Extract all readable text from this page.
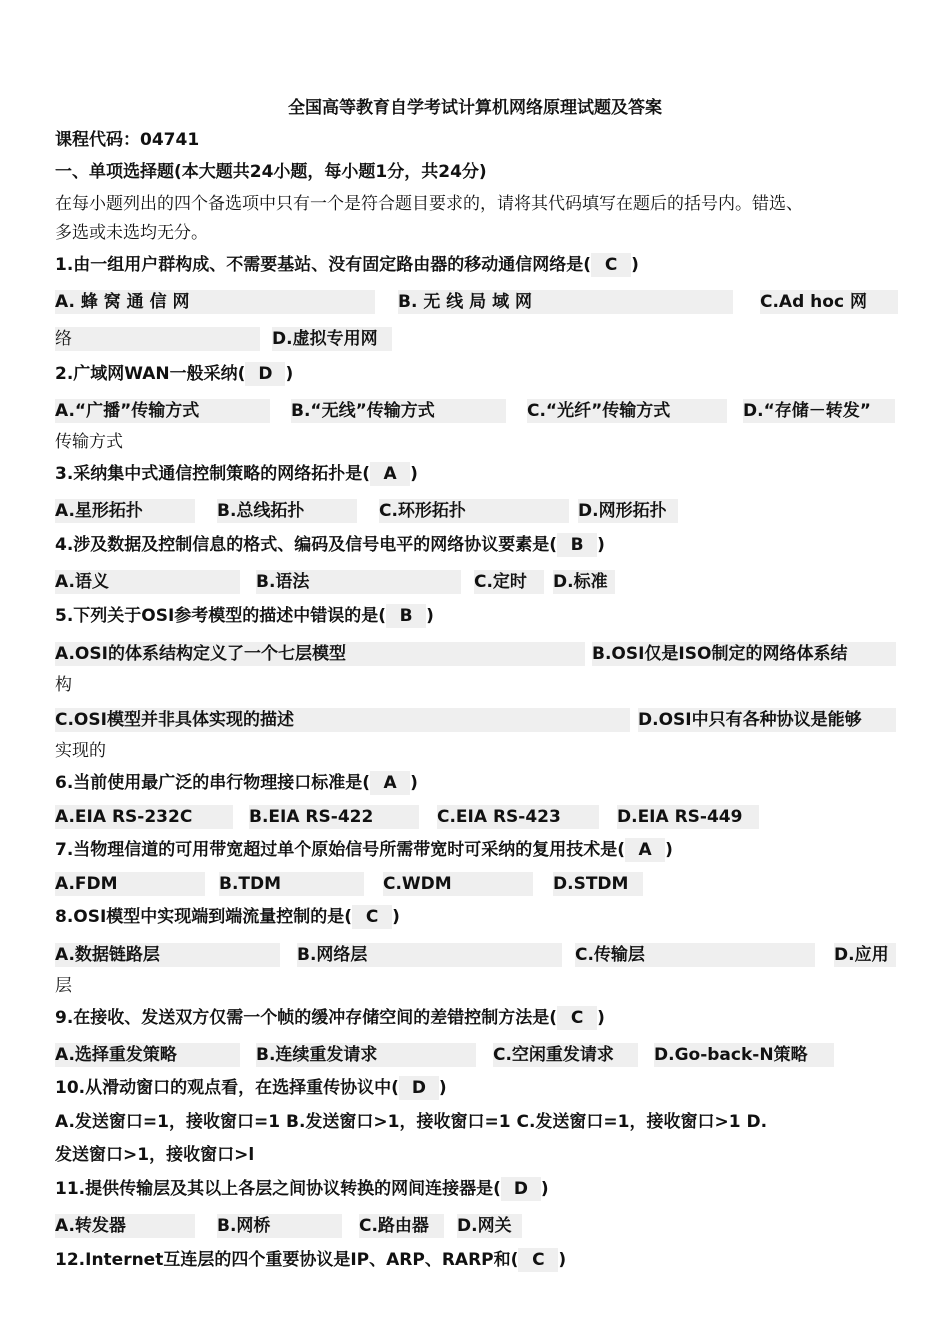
全国高等教育自学考试计算机网络原理试题及答案
课程代码：04741
一、单项选择题(本大题共24小题，每小题1分，共24分)
在每小题列出的四个备选项中只有一个是符合题目要求的，请将其代码填写在题后的括号内。错选、
多选或未选均无分。
1.由一组用户群构成、不需要基站、没有固定路由器的移动通信网络是( C )
A. 蜂 窝 通 信 网	B. 无 线 局 域 网	C.Ad hoc 网
络	D.虚拟专用网
2.广域网WAN一般采纳( D )
A.“广播”传输方式	B.“无线”传输方式	C.“光纤”传输方式	D.“存储－转发”
传输方式
3.采纳集中式通信控制策略的网络拓扑是( A )
A.星形拓扑	B.总线拓扑	C.环形拓扑	D.网形拓扑
4.涉及数据及控制信息的格式、编码及信号电平的网络协议要素是( B )
A.语义	B.语法	C.定时	D.标准
5.下列关于OSI参考模型的描述中错误的是( B )
A.OSI的体系结构定义了一个七层模型	B.OSI仅是ISO制定的网络体系结
构
C.OSI模型并非具体实现的描述	D.OSI中只有各种协议是能够
实现的
6.当前使用最广泛的串行物理接口标准是( A )
A.EIA RS-232C	B.EIA RS-422	C.EIA RS-423	D.EIA RS-449
7.当物理信道的可用带宽超过单个原始信号所需带宽时可采纳的复用技术是( A )
A.FDM	B.TDM	C.WDM	D.STDM
8.OSI模型中实现端到端流量控制的是( C )
A.数据链路层	B.网络层	C.传输层	D.应用
层
9.在接收、发送双方仅需一个帧的缓冲存储空间的差错控制方法是( C )
A.选择重发策略	B.连续重发请求	C.空闲重发请求	D.Go-back-N策略
10.从滑动窗口的观点看，在选择重传协议中( D )
A.发送窗口=1，接收窗口=1 B.发送窗口>1，接收窗口=1 C.发送窗口=1，接收窗口>1 D.
发送窗口>1，接收窗口>l
11.提供传输层及其以上各层之间协议转换的网间连接器是( D )
A.转发器	B.网桥	C.路由器	D.网关
12.Internet互连层的四个重要协议是IP、ARP、RARP和( C )
